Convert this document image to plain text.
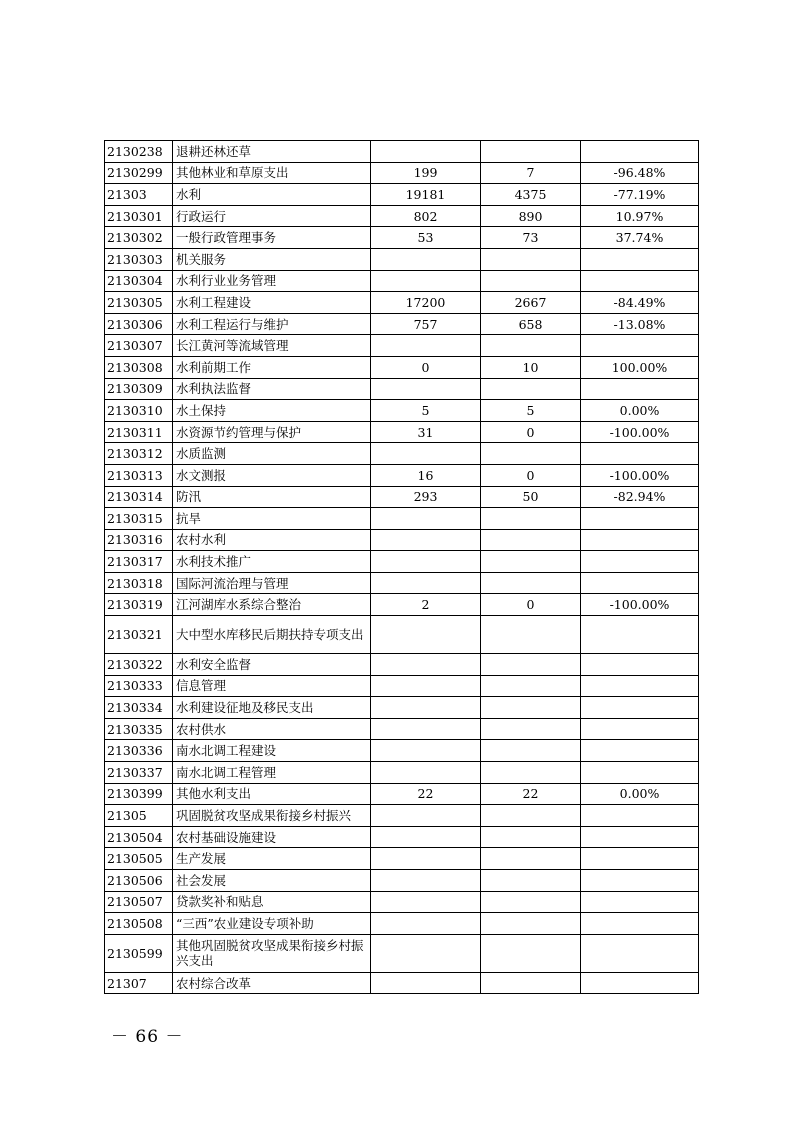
2130238	退耕还林还草			
2130299	其他林业和草原支出	199	7	-96.48%
21303	水利	19181	4375	-77.19%
2130301	行政运行	802	890	10.97%
2130302	一般行政管理事务	53	73	37.74%
2130303	机关服务			
2130304	水利行业业务管理			
2130305	水利工程建设	17200	2667	-84.49%
2130306	水利工程运行与维护	757	658	-13.08%
2130307	长江黄河等流域管理			
2130308	水利前期工作	0	10	100.00%
2130309	水利执法监督			
2130310	水土保持	5	5	0.00%
2130311	水资源节约管理与保护	31	0	-100.00%
2130312	水质监测			
2130313	水文测报	16	0	-100.00%
2130314	防汛	293	50	-82.94%
2130315	抗旱			
2130316	农村水利			
2130317	水利技术推广			
2130318	国际河流治理与管理			
2130319	江河湖库水系综合整治	2	0	-100.00%
2130321	大中型水库移民后期扶持专项支出			
2130322	水利安全监督			
2130333	信息管理			
2130334	水利建设征地及移民支出			
2130335	农村供水			
2130336	南水北调工程建设			
2130337	南水北调工程管理			
2130399	其他水利支出	22	22	0.00%
21305	巩固脱贫攻坚成果衔接乡村振兴			
2130504	农村基础设施建设			
2130505	生产发展			
2130506	社会发展			
2130507	贷款奖补和贴息			
2130508	“三西”农业建设专项补助			
2130599	其他巩固脱贫攻坚成果衔接乡村振兴支出			
21307	农村综合改革			
－ 66 －
